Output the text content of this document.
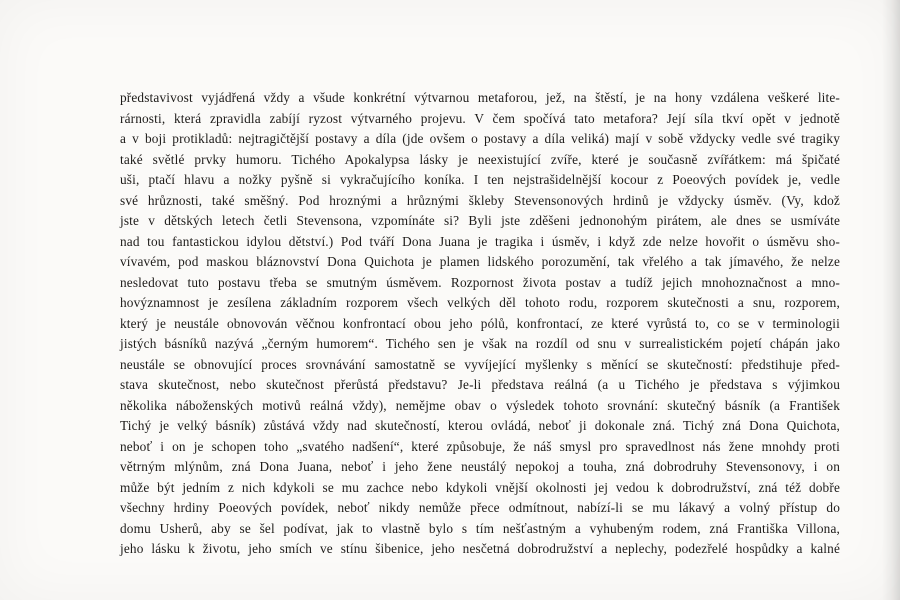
představivost vyjádřená vždy a všude konkrétní výtvarnou metaforou, jež, na štěstí, je na hony vzdálena veškeré lite-
rárnosti, která zpravidla zabíjí ryzost výtvarného projevu. V čem spočívá tato metafora? Její síla tkví opět v jednotě
a v boji protikladů: nejtragičtější postavy a díla (jde ovšem o postavy a díla veliká) mají v sobě vždycky vedle své tragiky
také světlé prvky humoru. Tichého Apokalypsa lásky je neexistující zvíře, které je současně zvířátkem: má špičaté
uši, ptačí hlavu a nožky pyšně si vykračujícího koníka. I ten nejstrašidelnější kocour z Poeových povídek je, vedle
své hrůznosti, také směšný. Pod hroznými a hrůznými škleby Stevensonových hrdinů je vždycky úsměv. (Vy, kdož
jste v dětských letech četli Stevensona, vzpomínáte si? Byli jste zděšeni jednonohým pirátem, ale dnes se usmíváte
nad tou fantastickou idylou dětství.) Pod tváří Dona Juana je tragika i úsměv, i když zde nelze hovořit o úsměvu sho-
vívavém, pod maskou bláznovství Dona Quichota je plamen lidského porozumění, tak vřelého a tak jímavého, že nelze
nesledovat tuto postavu třeba se smutným úsměvem. Rozpornost života postav a tudíž jejich mnohoznačnost a mno-
hovýznamnost je zesílena základním rozporem všech velkých děl tohoto rodu, rozporem skutečnosti a snu, rozporem,
který je neustále obnovován věčnou konfrontací obou jeho pólů, konfrontací, ze které vyrůstá to, co se v terminologii
jistých básníků nazývá „černým humorem“. Tichého sen je však na rozdíl od snu v surrealistickém pojetí chápán jako
neustále se obnovující proces srovnávání samostatně se vyvíjející myšlenky s měnící se skutečností: předstihuje před-
stava skutečnost, nebo skutečnost přerůstá představu? Je-li představa reálná (a u Tichého je představa s výjimkou
několika náboženských motivů reálná vždy), nemějme obav o výsledek tohoto srovnání: skutečný básník (a František
Tichý je velký básník) zůstává vždy nad skutečností, kterou ovládá, neboť ji dokonale zná. Tichý zná Dona Quichota,
neboť i on je schopen toho „svatého nadšení“, které způsobuje, že náš smysl pro spravedlnost nás žene mnohdy proti
větrným mlýnům, zná Dona Juana, neboť i jeho žene neustálý nepokoj a touha, zná dobrodruhy Stevensonovy, i on
může být jedním z nich kdykoli se mu zachce nebo kdykoli vnější okolnosti jej vedou k dobrodružství, zná též dobře
všechny hrdiny Poeových povídek, neboť nikdy nemůže přece odmítnout, nabízí-li se mu lákavý a volný přístup do
domu Usherů, aby se šel podívat, jak to vlastně bylo s tím nešťastným a vyhubeným rodem, zná Františka Villona,
jeho lásku k životu, jeho smích ve stínu šibenice, jeho nesčetná dobrodružství a neplechy, podezřelé hospůdky a kalné
